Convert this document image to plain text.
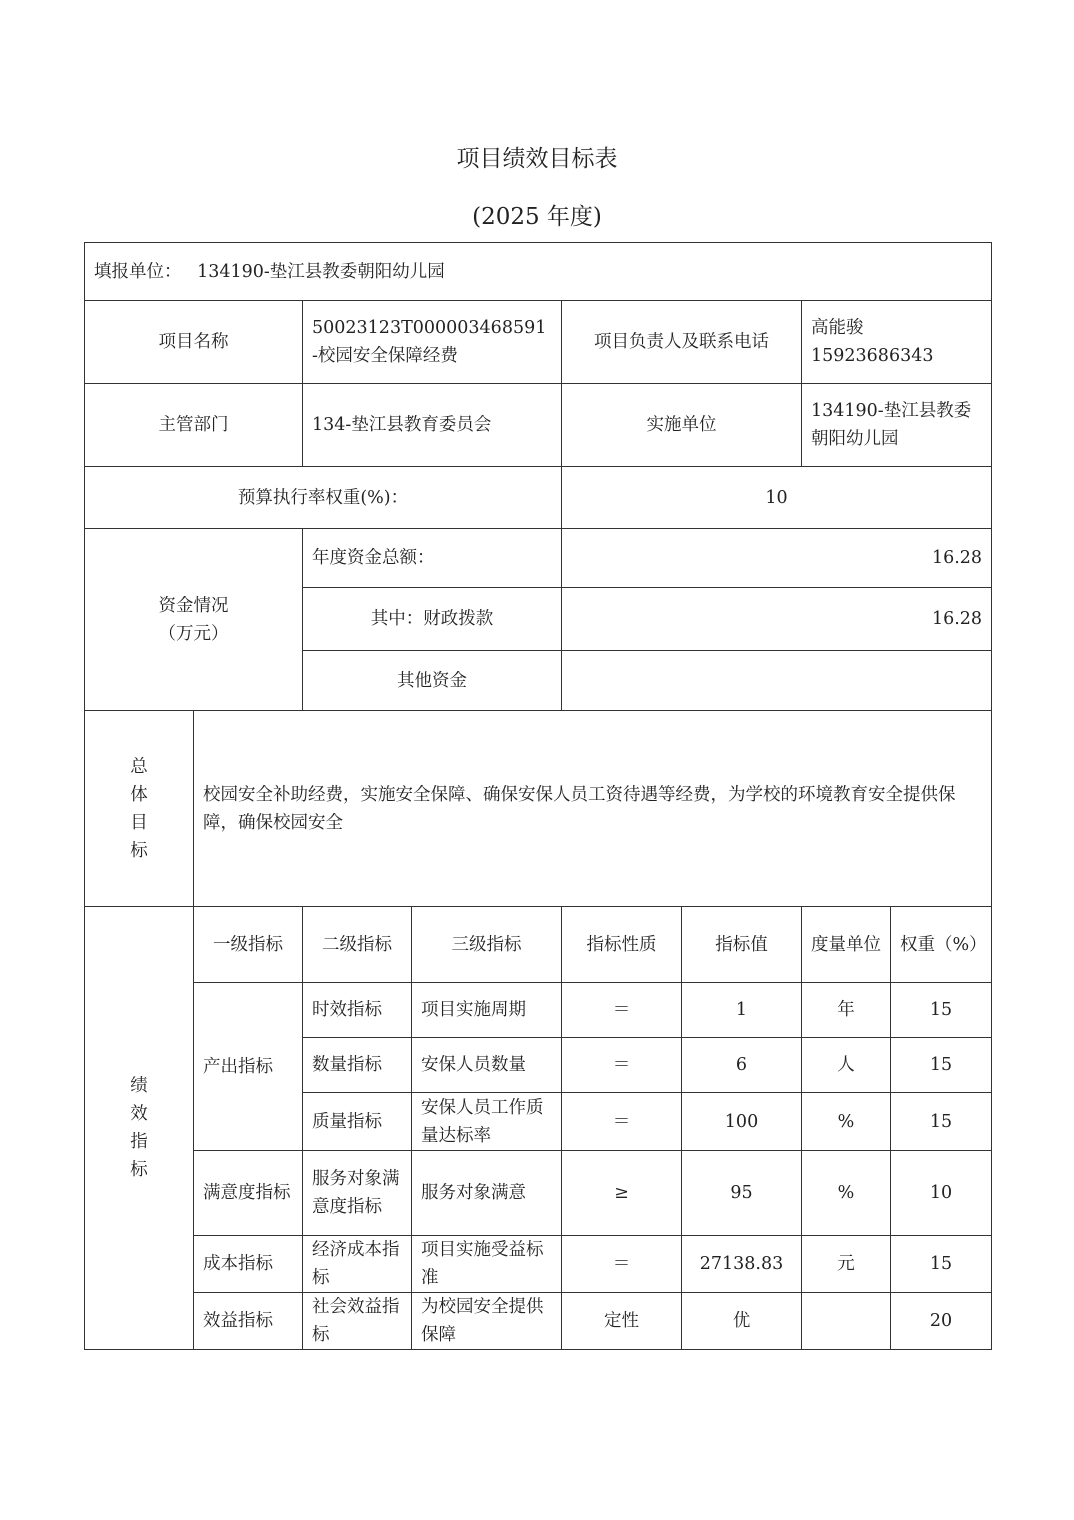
项目绩效目标表
(2025 年度)
填报单位： 134190-垫江县教委朝阳幼儿园							
项目名称		50023123T000003468591-校园安全保障经费		项目负责人及联系电话		高能骏
15923686343	

主管部门		134-垫江县教育委员会		实施单位		134190-垫江县教委朝阳幼儿园	
预算执行率权重(%)：				10			

资金情况
（万元）		年度资金总额：		16.28			
		其中：财政拨款		16.28			
		其他资金					

总
体
目
标	校园安全补助经费，实施安全保障、确保安保人员工资待遇等经费，为学校的环境教育安全提供保障，确保校园安全						

绩
效
指
标	一级指标	二级指标	三级指标	指标性质	指标值	度量单位	权重（%）
	产出指标	时效指标	项目实施周期	＝	1	年	15
		数量指标	安保人员数量	＝	6	人	15
		质量指标	安保人员工作质量达标率	＝	100	%	15
	满意度指标	服务对象满意度指标	服务对象满意	≥	95	%	10
	成本指标	经济成本指标	项目实施受益标准	＝	27138.83	元	15
	效益指标	社会效益指标	为校园安全提供保障	定性	优		20
